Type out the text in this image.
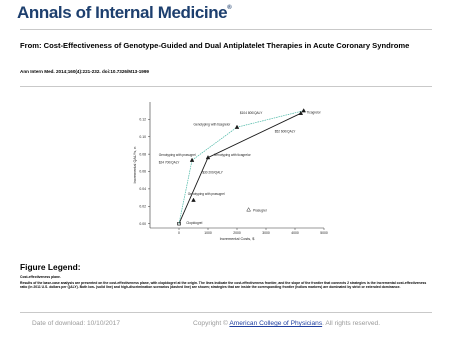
Annals of Internal Medicine®
From: Cost-Effectiveness of Genotype-Guided and Dual Antiplatelet Therapies in Acute Coronary Syndrome
Ann Intern Med. 2014;160(4):221-232. doi:10.7326/M13-1999
0.00
0.02
0.04
0.06
0.08
0.10
0.12
0	1000	2000	3000	4000	5000
Incremental Costs, $
Incremental QALYs, n
Ticagrelor
$104 800/QALY
Genotyping with ticagrelor
$52 600/QALY
Genotyping with prasugrel	Genotyping with ticagrelor
$24 700/QALY
$30 200/QALY
Genotyping with prasugrel
Prasugrel
Clopidogrel
Figure Legend:
Cost-effectiveness plane.
Results of the base-case analysis are presented on the cost-effectiveness plane, with clopidogrel at the origin. The lines indicate the cost-effectiveness frontier, and the slope of the frontier that connects 2 strategies is the incremental cost-effectiveness ratio (in 2011 U.S. dollars per QALY). Both low- (solid line) and high-discrimination scenarios (dashed line) are shown; strategies that are inside the corresponding frontier (hollow markers) are dominated by strict or extended dominance.
Date of download: 10/10/2017	Copyright © American College of Physicians. All rights reserved.
